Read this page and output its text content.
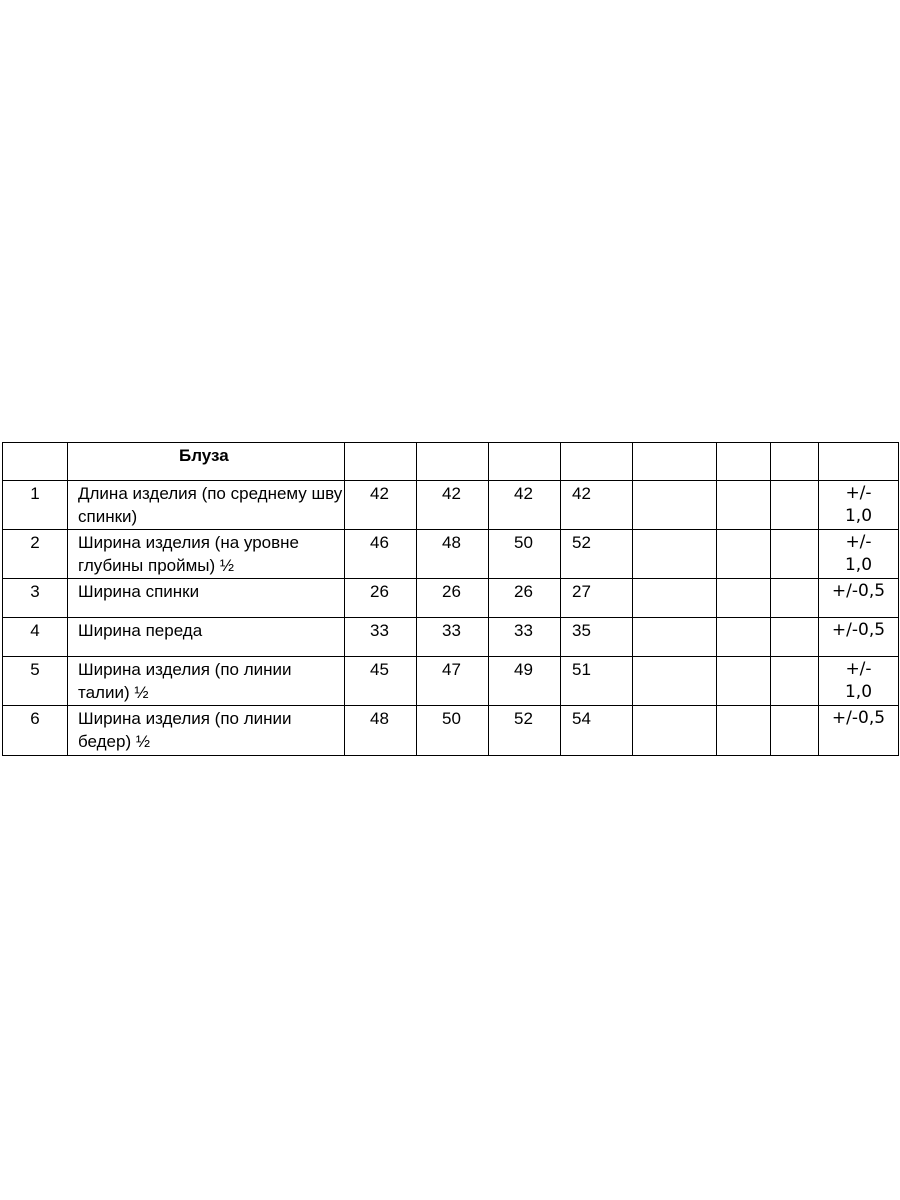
	Блуза								
1	Длина изделия (по среднему шву спинки)	42	42	42	42				+/-
1,0

2	Ширина изделия (на уровне глубины проймы) ½	46	48	50	52				+/-
1,0

3	Ширина спинки	26	26	26	27				+/-0,5

4	Ширина переда	33	33	33	35				+/-0,5

5	Ширина изделия (по линии талии) ½	45	47	49	51				+/-
1,0

6	Ширина изделия (по линии бедер) ½	48	50	52	54				+/-0,5
